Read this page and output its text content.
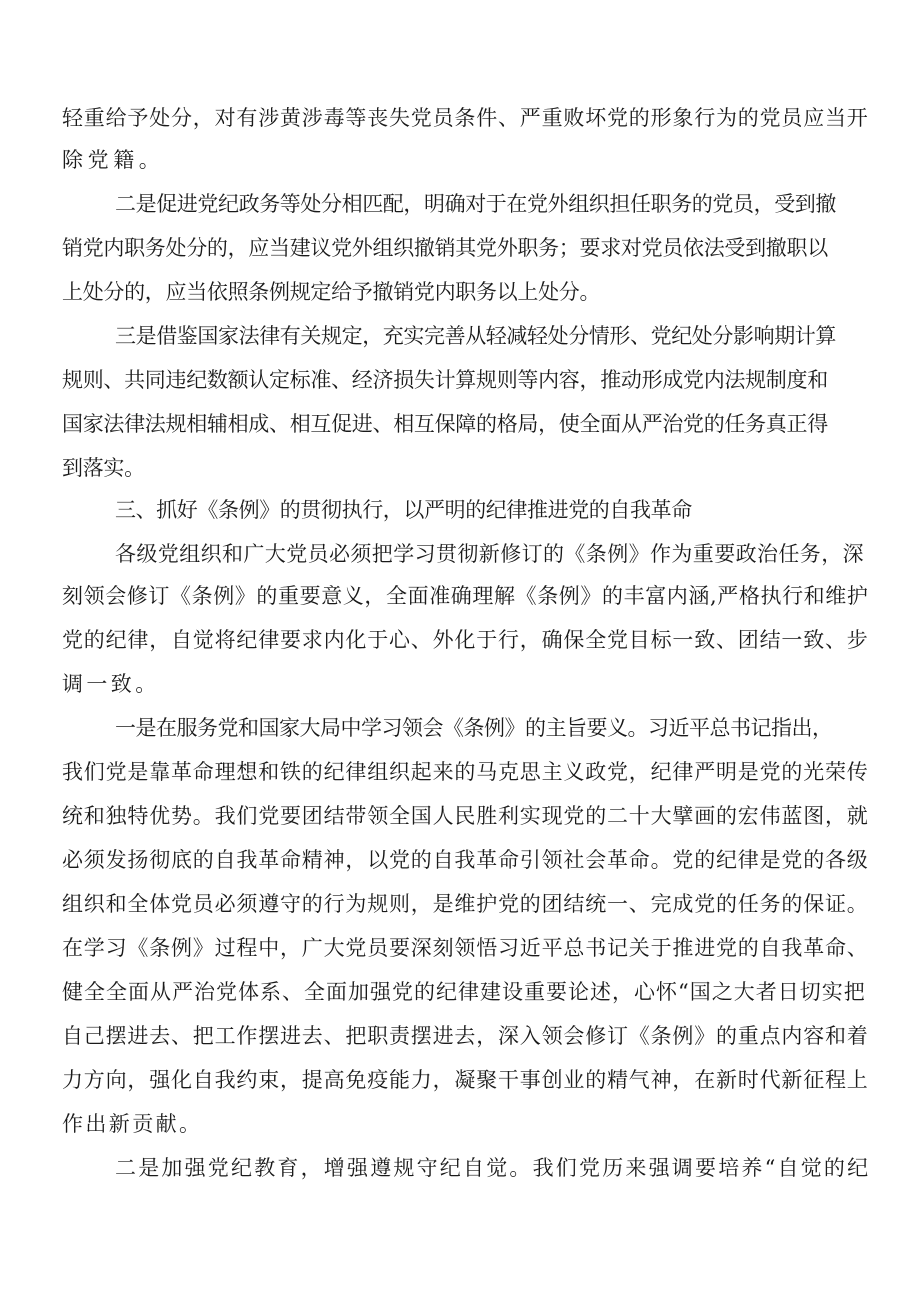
轻重给予处分，对有涉黄涉毒等丧失党员条件、严重败坏党的形象行为的党员应当开
除党籍。
二是促进党纪政务等处分相匹配，明确对于在党外组织担任职务的党员，受到撤
销党内职务处分的，应当建议党外组织撤销其党外职务；要求对党员依法受到撤职以
上处分的，应当依照条例规定给予撤销党内职务以上处分。
三是借鉴国家法律有关规定，充实完善从轻减轻处分情形、党纪处分影响期计算
规则、共同违纪数额认定标准、经济损失计算规则等内容，推动形成党内法规制度和
国家法律法规相辅相成、相互促进、相互保障的格局，使全面从严治党的任务真正得
到落实。
三、抓好《条例》的贯彻执行，以严明的纪律推进党的自我革命
各级党组织和广大党员必须把学习贯彻新修订的《条例》作为重要政治任务，深
刻领会修订《条例》的重要意义，全面准确理解《条例》的丰富内涵,严格执行和维护
党的纪律，自觉将纪律要求内化于心、外化于行，确保全党目标一致、团结一致、步
调一致。
一是在服务党和国家大局中学习领会《条例》的主旨要义。习近平总书记指出，
我们党是靠革命理想和铁的纪律组织起来的马克思主义政党，纪律严明是党的光荣传
统和独特优势。我们党要团结带领全国人民胜利实现党的二十大擘画的宏伟蓝图，就
必须发扬彻底的自我革命精神，以党的自我革命引领社会革命。党的纪律是党的各级
组织和全体党员必须遵守的行为规则，是维护党的团结统一、完成党的任务的保证。
在学习《条例》过程中，广大党员要深刻领悟习近平总书记关于推进党的自我革命、
健全全面从严治党体系、全面加强党的纪律建设重要论述，心怀“国之大者日切实把
自己摆进去、把工作摆进去、把职责摆进去，深入领会修订《条例》的重点内容和着
力方向，强化自我约束，提高免疫能力，凝聚干事创业的精气神，在新时代新征程上
作出新贡献。
二是加强党纪教育，增强遵规守纪自觉。我们党历来强调要培养“自觉的纪
